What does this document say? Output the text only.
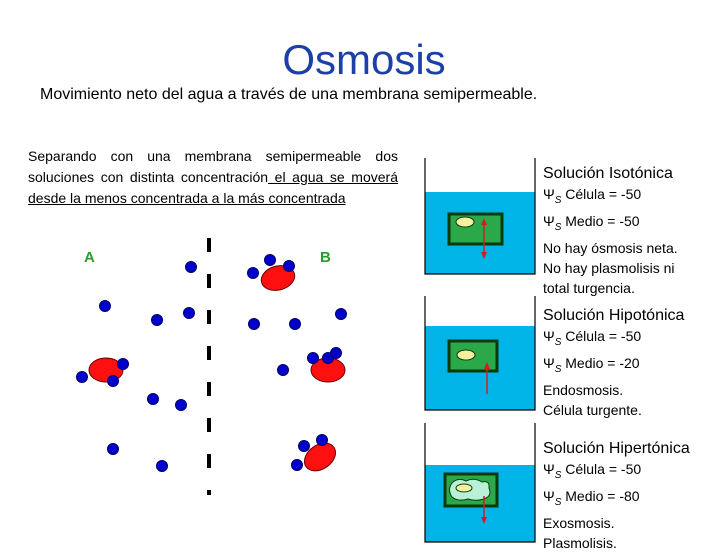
Osmosis
Movimiento neto del agua a través de una membrana semipermeable.
Separando con una membrana semipermeable dos soluciones con distinta concentración el agua se moverá desde la menos concentrada a la más concentrada
A	B
Solución Isotónica
$\Psi_S$ Célula = -50
$\Psi_S$ Medio = -50
No hay ósmosis neta.
No hay plasmolisis ni
total turgencia.
Solución Hipotónica
$\Psi_S$ Célula = -50
$\Psi_S$ Medio = -20
Endosmosis.
Célula turgente.
Solución Hipertónica
$\Psi_S$ Célula = -50
$\Psi_S$ Medio = -80
Exosmosis.
Plasmolisis.
